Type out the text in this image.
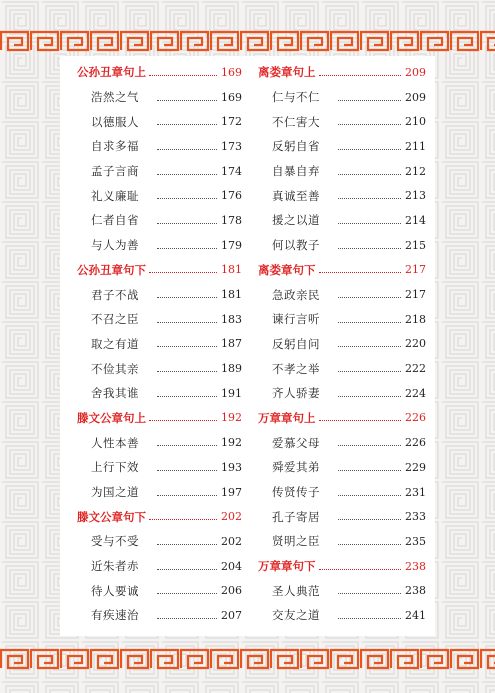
公孙丑章句上	169
浩然之气	169
以德服人	172
自求多福	173
孟子言商	174
礼义廉耻	176
仁者自省	178
与人为善	179
公孙丑章句下	181
君子不战	181
不召之臣	183
取之有道	187
不俭其亲	189
舍我其谁	191
滕文公章句上	192
人性本善	192
上行下效	193
为国之道	197
滕文公章句下	202
受与不受	202
近朱者赤	204
待人要诚	206
有疾速治	207
离娄章句上	209
仁与不仁	209
不仁害大	210
反躬自省	211
自暴自弃	212
真诚至善	213
援之以道	214
何以教子	215
离娄章句下	217
急政亲民	217
谏行言听	218
反躬自问	220
不孝之举	222
齐人骄妻	224
万章章句上	226
爱慕父母	226
舜爱其弟	229
传贤传子	231
孔子寄居	233
贤明之臣	235
万章章句下	238
圣人典范	238
交友之道	241
